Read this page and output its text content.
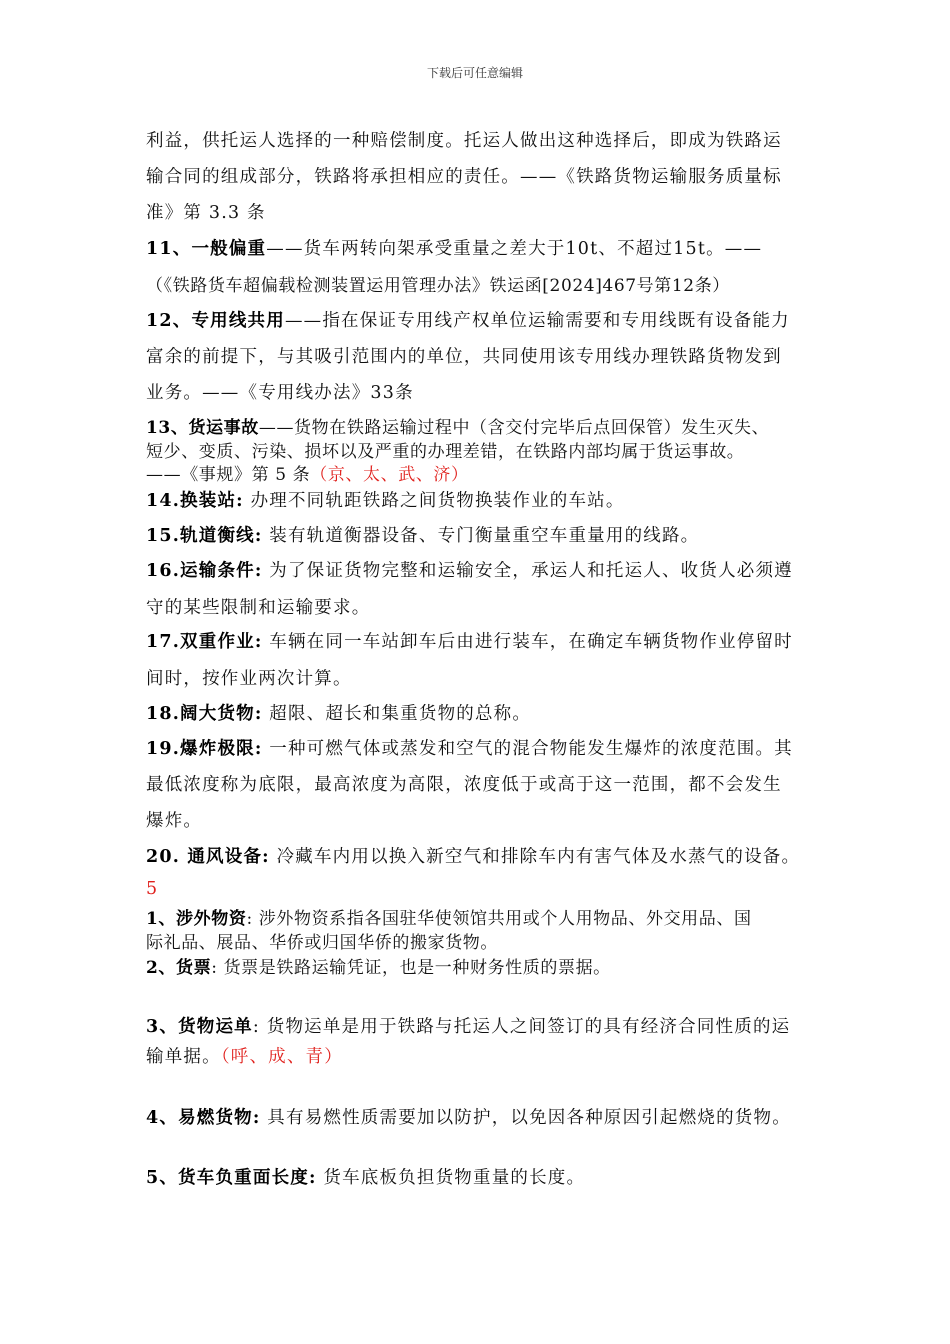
下载后可任意编辑
利益，供托运人选择的一种赔偿制度。托运人做出这种选择后，即成为铁路运
输合同的组成部分，铁路将承担相应的责任。——《铁路货物运输服务质量标
准》第 3.3 条
11、一般偏重——货车两转向架承受重量之差大于10t、不超过15t。——
（《铁路货车超偏载检测装置运用管理办法》铁运函[2024]467号第12条）
12、专用线共用——指在保证专用线产权单位运输需要和专用线既有设备能力
富余的前提下，与其吸引范围内的单位，共同使用该专用线办理铁路货物发到
业务。——《专用线办法》33条
13、货运事故——货物在铁路运输过程中（含交付完毕后点回保管）发生灭失、
短少、变质、污染、损坏以及严重的办理差错，在铁路内部均属于货运事故。
——《事规》第 5 条（京、太、武、济）
14.换装站: 办理不同轨距铁路之间货物换装作业的车站。
15.轨道衡线: 装有轨道衡器设备、专门衡量重空车重量用的线路。
16.运输条件: 为了保证货物完整和运输安全，承运人和托运人、收货人必须遵
守的某些限制和运输要求。
17.双重作业: 车辆在同一车站卸车后由进行装车，在确定车辆货物作业停留时
间时，按作业两次计算。
18.阔大货物: 超限、超长和集重货物的总称。
19.爆炸极限: 一种可燃气体或蒸发和空气的混合物能发生爆炸的浓度范围。其
最低浓度称为底限，最高浓度为高限，浓度低于或高于这一范围，都不会发生
爆炸。
20. 通风设备: 冷藏车内用以换入新空气和排除车内有害气体及水蒸气的设备。
5
1、涉外物资: 涉外物资系指各国驻华使领馆共用或个人用物品、外交用品、国
际礼品、展品、华侨或归国华侨的搬家货物。
2、货票: 货票是铁路运输凭证，也是一种财务性质的票据。
3、货物运单: 货物运单是用于铁路与托运人之间签订的具有经济合同性质的运
输单据。（呼、成、青）
4、易燃货物: 具有易燃性质需要加以防护，以免因各种原因引起燃烧的货物。
5、货车负重面长度: 货车底板负担货物重量的长度。
